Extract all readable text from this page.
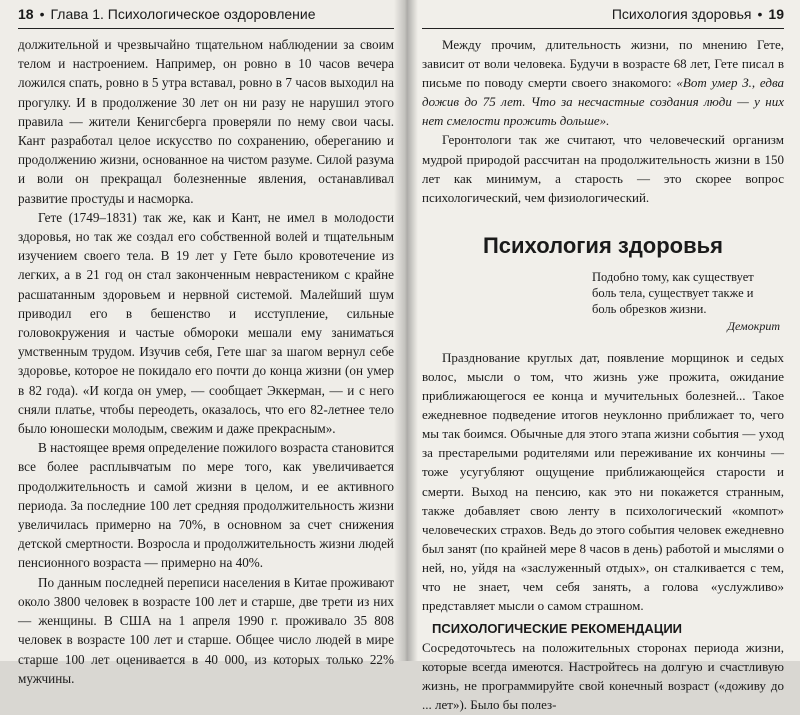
18 • Глава 1. Психологическое оздоровление

должительной и чрезвычайно тщательном наблюдении за своим телом и настроением. Например, он ровно в 10 часов вечера ложился спать, ровно в 5 утра вставал, ровно в 7 часов выходил на прогулку. И в продолжение 30 лет он ни разу не нарушил этого правила — жители Кенигсберга проверяли по нему свои часы. Кант разработал целое искусство по сохранению, оберeганию и продолжению жизни, основанное на чистом разуме. Силой разума и воли он прекращал болезненные явления, останавливал развитие простуды и насморка.

Гете (1749–1831) так же, как и Кант, не имел в молодости здоровья, но так же создал его собственной волей и тщательным изучением своего тела. В 19 лет у Гете было кровотечение из легких, а в 21 год он стал законченным неврастеником с крайне расшатанным здоровьем и нервной системой. Малейший шум приводил его в бешенство и исступление, сильные головокружения и частые обмороки мешали ему заниматься умственным трудом. Изучив себя, Гете шаг за шагом вернул себе здоровье, которое не покидало его почти до конца жизни (он умер в 82 года). «И когда он умер, — сообщает Эккерман, — и с него сняли платье, чтобы переодеть, оказалось, что его 82-летнее тело было юношески молодым, свежим и даже прекрасным».

В настоящее время определение пожилого возраста становится все более расплывчатым по мере того, как увеличивается продолжительность и самой жизни в целом, и ее активного периода. За последние 100 лет средняя продолжительность жизни увеличилась примерно на 70%, в основном за счет снижения детской смертности. Возросла и продолжительность жизни людей пенсионного возраста — примерно на 40%.

По данным последней переписи населения в Китае проживают около 3800 человек в возрасте 100 лет и старше, две трети из них — женщины. В США на 1 апреля 1990 г. проживало 35 808 человек в возрасте 100 лет и старше. Общее число людей в мире старше 100 лет оценивается в 40 000, из которых только 22% мужчины.

Психология здоровья • 19

Между прочим, длительность жизни, по мнению Гете, зависит от воли человека. Будучи в возрасте 68 лет, Гете писал в письме по поводу смерти своего знакомого: «Вот умер З., едва дожив до 75 лет. Что за несчастные создания люди — у них нет смелости прожить дольше».

Геронтологи так же считают, что человеческий организм мудрой природой рассчитан на продолжительность жизни в 150 лет как минимум, а старость — это скорее вопрос психологический, чем физиологический.

Психология здоровья
Подобно тому, как существует боль тела, существует также и боль обрезков жизни.
Демокрит

Празднование круглых дат, появление морщинок и седых волос, мысли о том, что жизнь уже прожита, ожидание приближающегося ее конца и мучительных болезней... Такое ежедневное подведение итогов неуклонно приближает то, чего мы так боимся. Обычные для этого этапа жизни события — уход за престарелыми родителями или переживание их кончины — тоже усугубляют ощущение приближающейся старости и смерти. Выход на пенсию, как это ни покажется странным, также добавляет свою ленту в психологический «компот» человеческих страхов. Ведь до этого события человек ежедневно был занят (по крайней мере 8 часов в день) работой и мыслями о ней, но, уйдя на «заслуженный отдых», он сталкивается с тем, что не знает, чем себя занять, а голова «услужливо» представляет мысли о самом страшном.

ПСИХОЛОГИЧЕСКИЕ РЕКОМЕНДАЦИИ

Сосредоточьтесь на положительных сторонах периода жизни, которые всегда имеются. Настройтесь на долгую и счастливую жизнь, не программируйте свой конечный возраст («доживу до ... лет»). Было бы полез-
